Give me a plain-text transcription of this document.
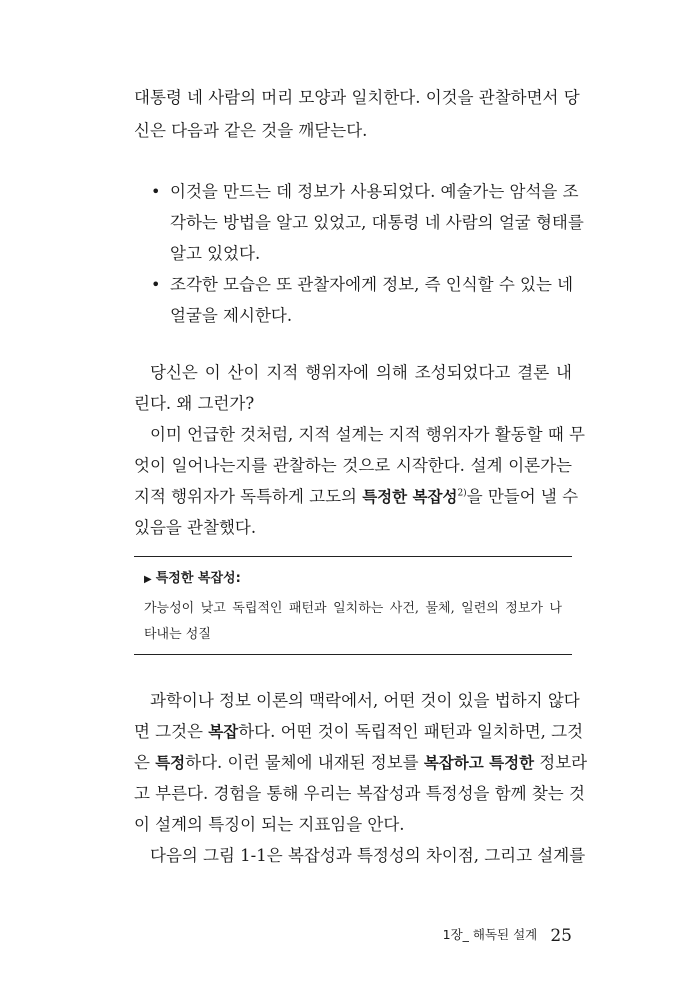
대통령 네 사람의 머리 모양과 일치한다. 이것을 관찰하면서 당
신은 다음과 같은 것을 깨닫는다.
• 이것을 만드는 데 정보가 사용되었다. 예술가는 암석을 조
각하는 방법을 알고 있었고, 대통령 네 사람의 얼굴 형태를
알고 있었다.
• 조각한 모습은 또 관찰자에게 정보, 즉 인식할 수 있는 네
얼굴을 제시한다.
당신은 이 산이 지적 행위자에 의해 조성되었다고 결론 내
린다. 왜 그런가?
이미 언급한 것처럼, 지적 설계는 지적 행위자가 활동할 때 무
엇이 일어나는지를 관찰하는 것으로 시작한다. 설계 이론가는
지적 행위자가 독특하게 고도의 특정한 복잡성$^{2)}$을 만들어 낼 수
있음을 관찰했다.
▶ 특정한 복잡성:
가능성이 낮고 독립적인 패턴과 일치하는 사건, 물체, 일련의 정보가 나
타내는 성질
과학이나 정보 이론의 맥락에서, 어떤 것이 있을 법하지 않다
면 그것은 복잡하다. 어떤 것이 독립적인 패턴과 일치하면, 그것
은 특정하다. 이런 물체에 내재된 정보를 복잡하고 특정한 정보라
고 부른다. 경험을 통해 우리는 복잡성과 특정성을 함께 찾는 것
이 설계의 특징이 되는 지표임을 안다.
다음의 그림 1-1은 복잡성과 특정성의 차이점, 그리고 설계를
1장_ 해독된 설계 25
